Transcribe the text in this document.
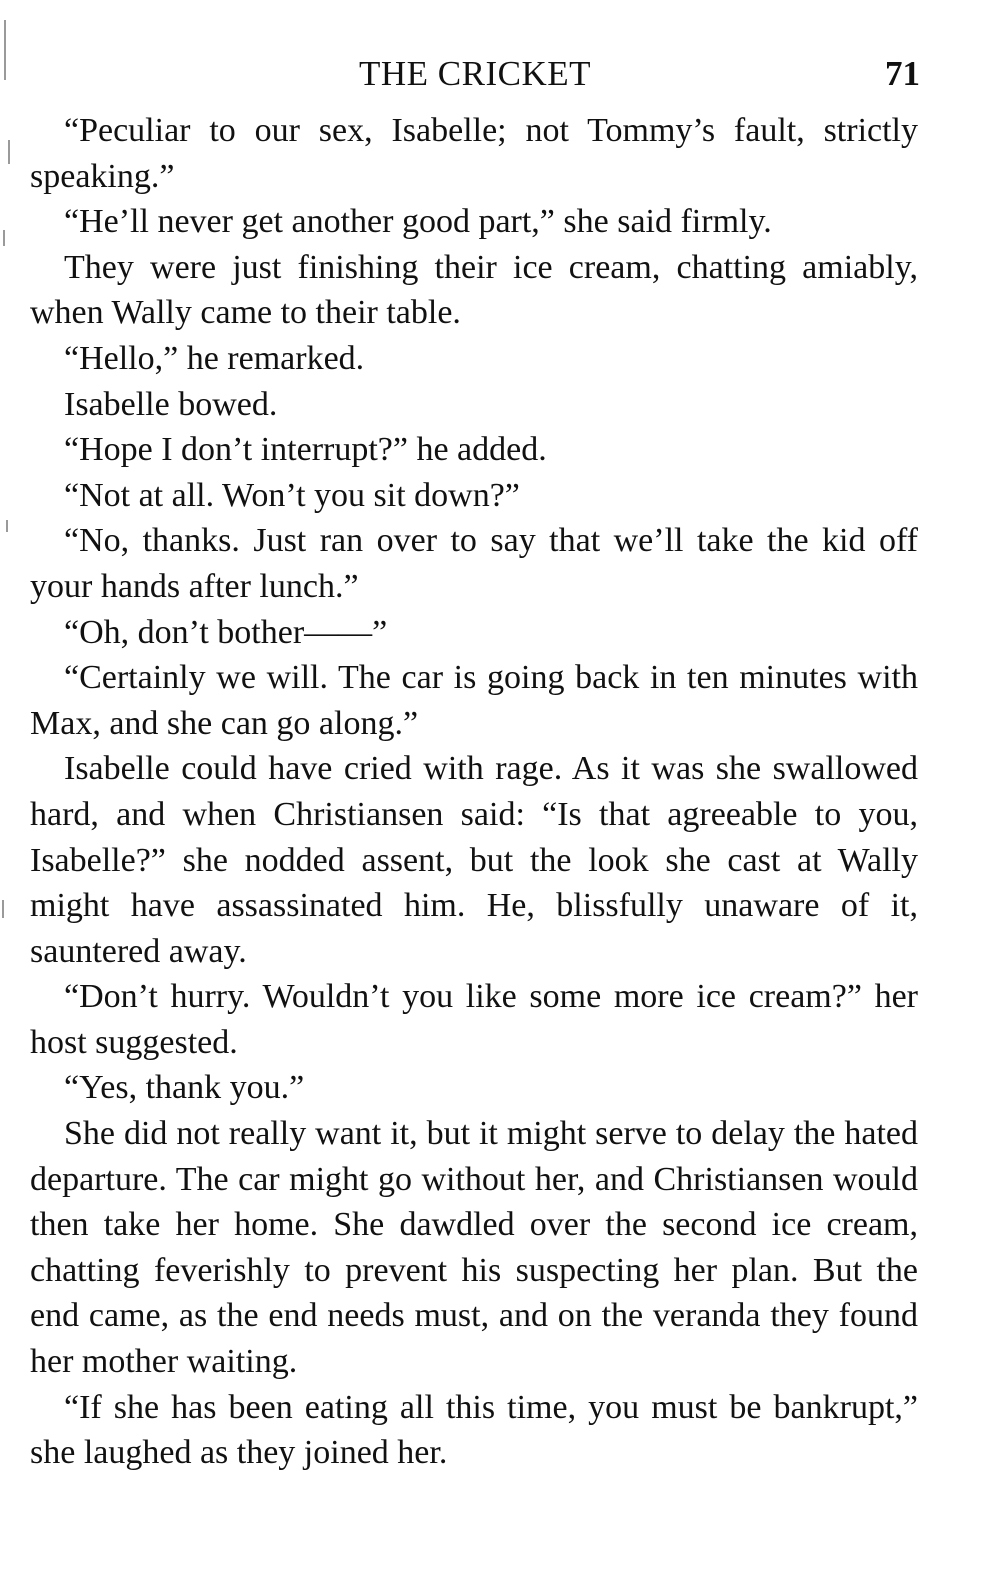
THE CRICKET	71

“Peculiar to our sex, Isabelle; not Tommy’s fault, strictly speaking.”

“He’ll never get another good part,” she said firmly.

They were just finishing their ice cream, chatting amiably, when Wally came to their table.

“Hello,” he remarked.

Isabelle bowed.

“Hope I don’t interrupt?” he added.

“Not at all. Won’t you sit down?”

“No, thanks. Just ran over to say that we’ll take the kid off your hands after lunch.”

“Oh, don’t bother——”

“Certainly we will. The car is going back in ten minutes with Max, and she can go along.”

Isabelle could have cried with rage. As it was she swallowed hard, and when Christiansen said: “Is that agreeable to you, Isabelle?” she nodded assent, but the look she cast at Wally might have assassinated him. He, blissfully unaware of it, sauntered away.

“Don’t hurry. Wouldn’t you like some more ice cream?” her host suggested.

“Yes, thank you.”

She did not really want it, but it might serve to delay the hated departure. The car might go without her, and Christiansen would then take her home. She dawdled over the second ice cream, chatting feverishly to prevent his suspecting her plan. But the end came, as the end needs must, and on the veranda they found her mother waiting.

“If she has been eating all this time, you must be bankrupt,” she laughed as they joined her.
